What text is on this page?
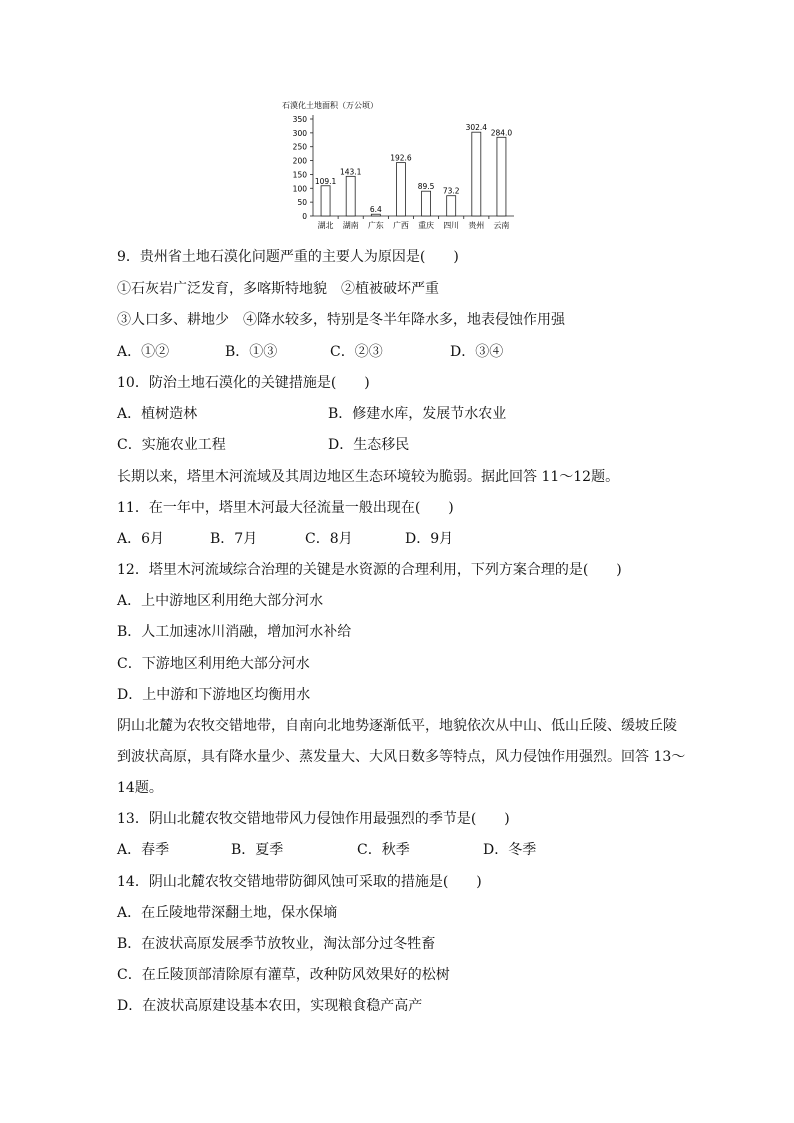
石漠化土地面积（万公顷）
350
300
250
200
150
100
50
0
109.1
湖北
143.1
湖南
6.4
广东
192.6
广西
89.5
重庆
73.2
四川
302.4
贵州
284.0
云南
9．贵州省土地石漠化问题严重的主要人为原因是(　　)
①石灰岩广泛发育，多喀斯特地貌　②植被破坏严重
③人口多、耕地少　④降水较多，特别是冬半年降水多，地表侵蚀作用强
A．①②	B．①③	C．②③	D．③④
10．防治土地石漠化的关键措施是(　　)
A．植树造林	B．修建水库，发展节水农业
C．实施农业工程	D．生态移民
长期以来，塔里木河流域及其周边地区生态环境较为脆弱。据此回答 11～12题。
11．在一年中，塔里木河最大径流量一般出现在(　　)
A．6月	B．7月	C．8月	D．9月
12．塔里木河流域综合治理的关键是水资源的合理利用，下列方案合理的是(　　)
A．上中游地区利用绝大部分河水
B．人工加速冰川消融，增加河水补给
C．下游地区利用绝大部分河水
D．上中游和下游地区均衡用水
阴山北麓为农牧交错地带，自南向北地势逐渐低平，地貌依次从中山、低山丘陵、缓坡丘陵
到波状高原，具有降水量少、蒸发量大、大风日数多等特点，风力侵蚀作用强烈。回答 13～
14题。
13．阴山北麓农牧交错地带风力侵蚀作用最强烈的季节是(　　)
A．春季	B．夏季	C．秋季	D．冬季
14．阴山北麓农牧交错地带防御风蚀可采取的措施是(　　)
A．在丘陵地带深翻土地，保水保墒
B．在波状高原发展季节放牧业，淘汰部分过冬牲畜
C．在丘陵顶部清除原有灌草，改种防风效果好的松树
D．在波状高原建设基本农田，实现粮食稳产高产
